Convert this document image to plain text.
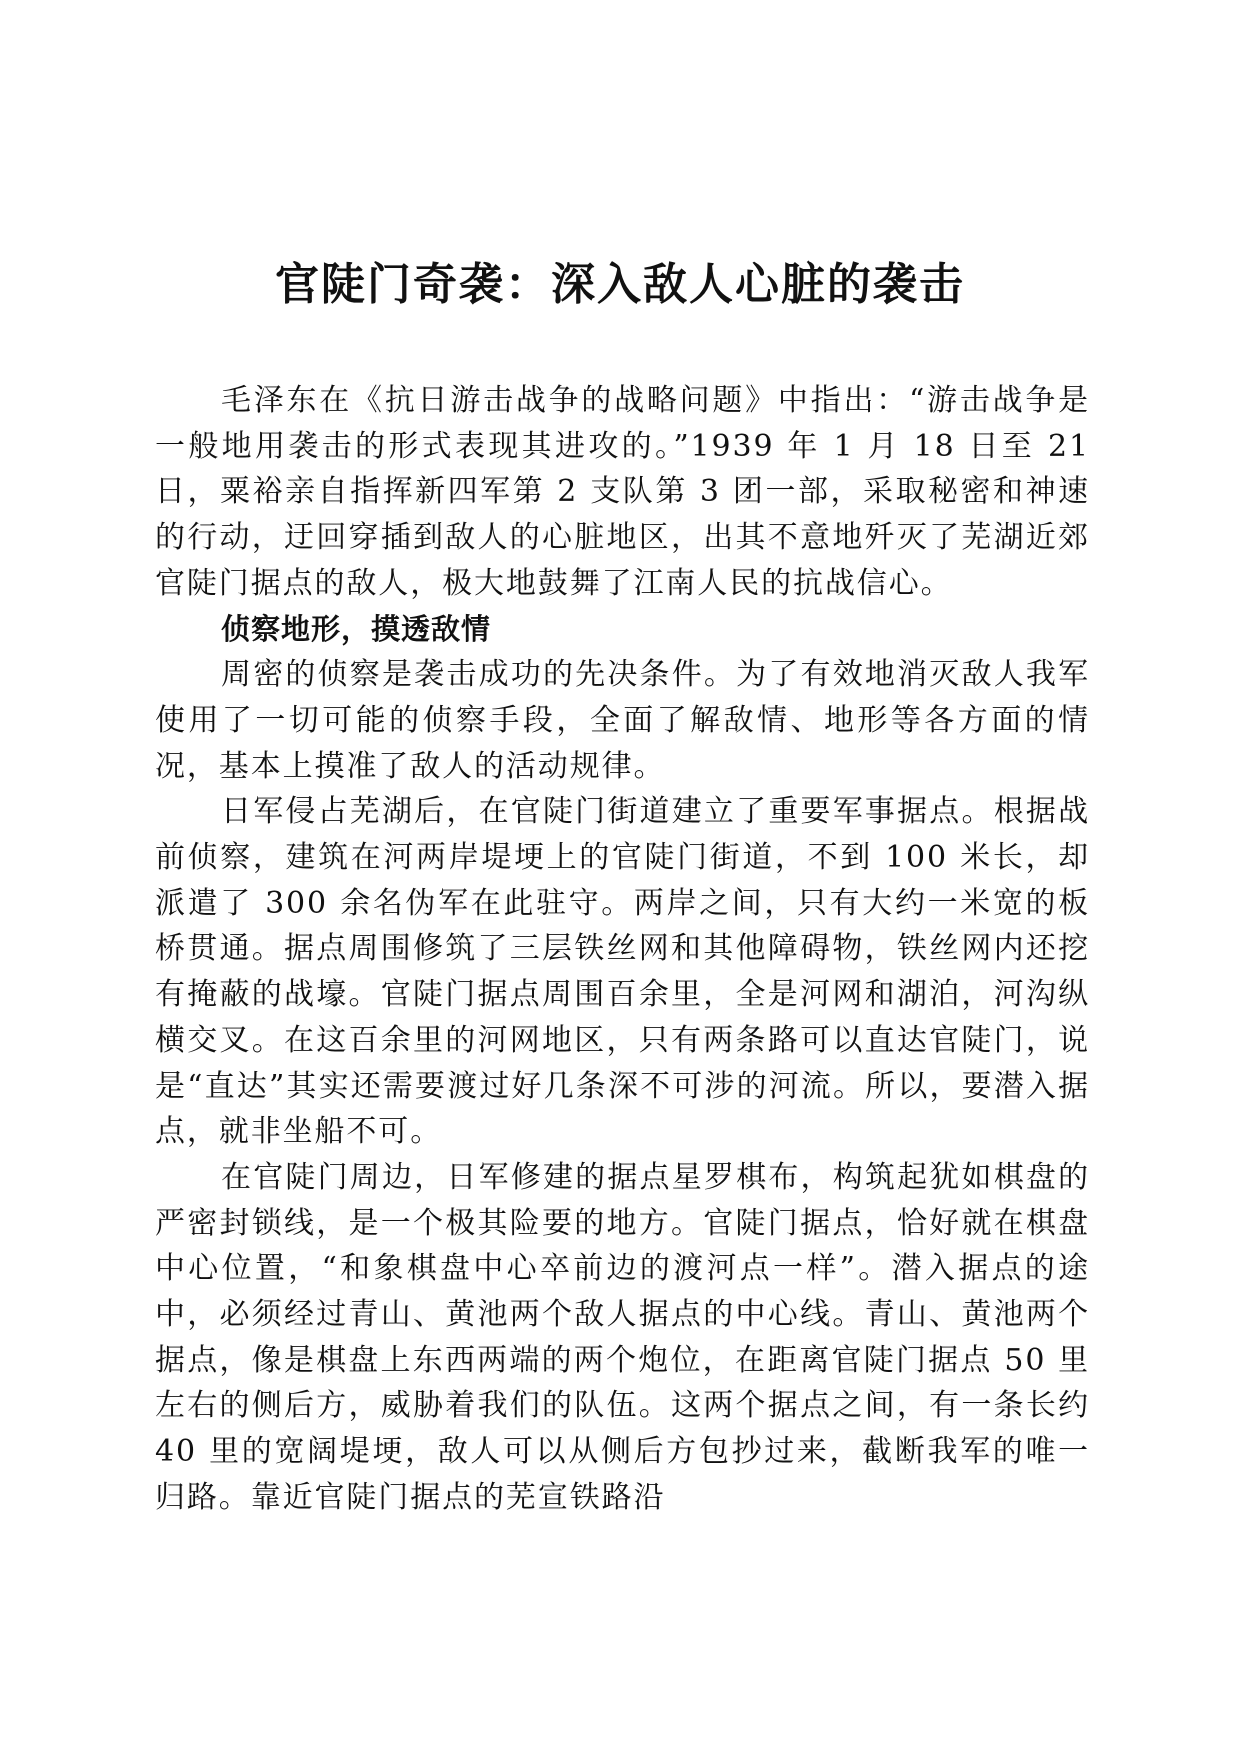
官陡门奇袭：深入敌人心脏的袭击

毛泽东在《抗日游击战争的战略问题》中指出：“游击战争是一般地用袭击的形式表现其进攻的。”1939 年 1 月 18 日至 21 日，粟裕亲自指挥新四军第 2 支队第 3 团一部，采取秘密和神速的行动，迂回穿插到敌人的心脏地区，出其不意地歼灭了芜湖近郊官陡门据点的敌人，极大地鼓舞了江南人民的抗战信心。

侦察地形，摸透敌情

周密的侦察是袭击成功的先决条件。为了有效地消灭敌人我军使用了一切可能的侦察手段，全面了解敌情、地形等各方面的情况，基本上摸准了敌人的活动规律。

日军侵占芜湖后，在官陡门街道建立了重要军事据点。根据战前侦察，建筑在河两岸堤埂上的官陡门街道，不到 100 米长，却派遣了 300 余名伪军在此驻守。两岸之间，只有大约一米宽的板桥贯通。据点周围修筑了三层铁丝网和其他障碍物，铁丝网内还挖有掩蔽的战壕。官陡门据点周围百余里，全是河网和湖泊，河沟纵横交叉。在这百余里的河网地区，只有两条路可以直达官陡门，说是“直达”其实还需要渡过好几条深不可涉的河流。所以，要潜入据点，就非坐船不可。

在官陡门周边，日军修建的据点星罗棋布，构筑起犹如棋盘的严密封锁线，是一个极其险要的地方。官陡门据点，恰好就在棋盘中心位置，“和象棋盘中心卒前边的渡河点一样”。潜入据点的途中，必须经过青山、黄池两个敌人据点的中心线。青山、黄池两个据点，像是棋盘上东西两端的两个炮位，在距离官陡门据点 50 里左右的侧后方，威胁着我们的队伍。这两个据点之间，有一条长约 40 里的宽阔堤埂，敌人可以从侧后方包抄过来，截断我军的唯一归路。靠近官陡门据点的芜宣铁路沿
